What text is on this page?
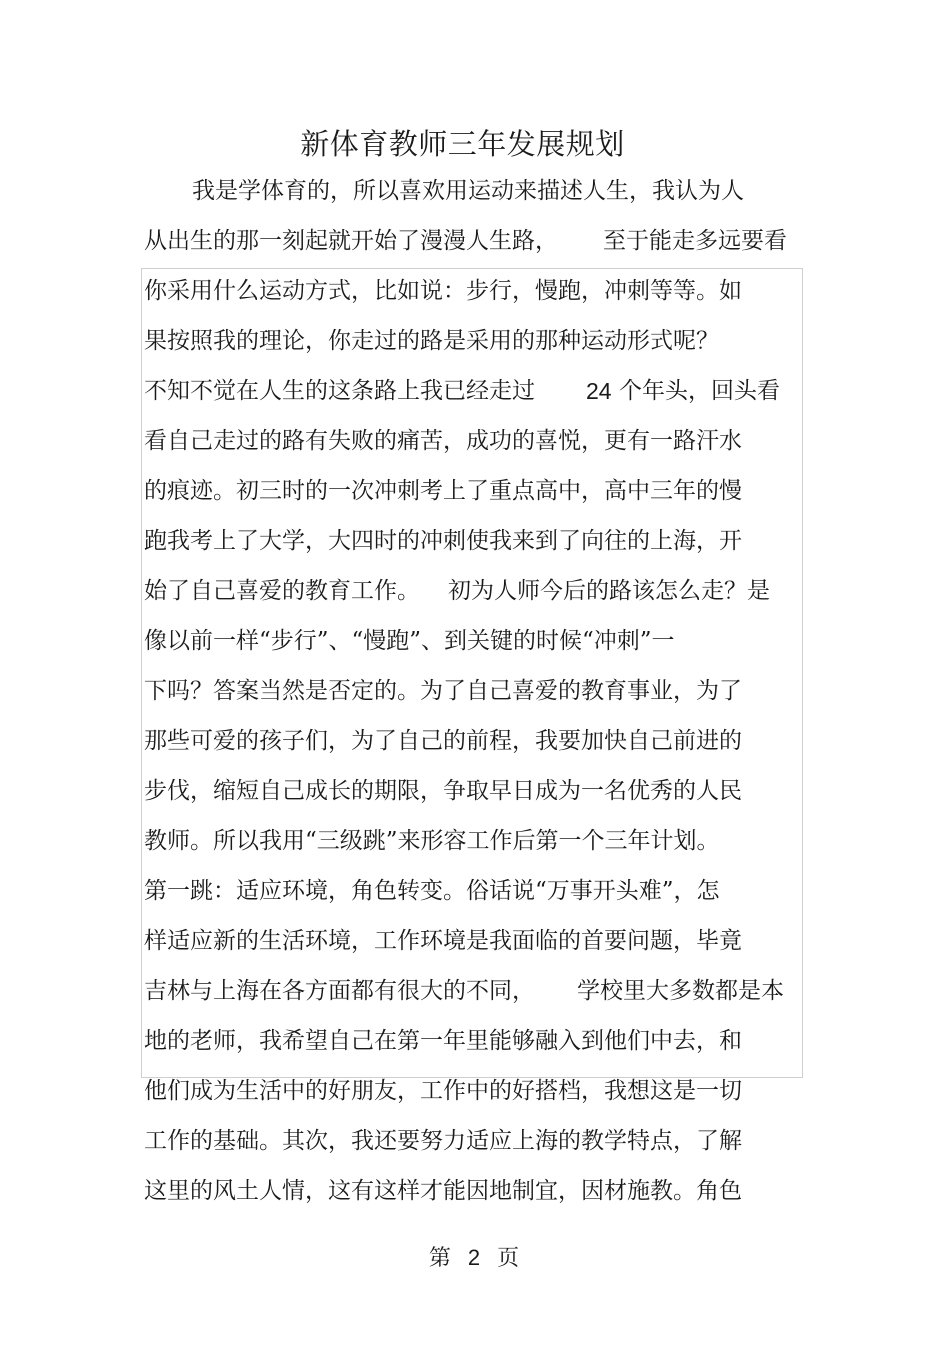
新体育教师三年发展规划
我是学体育的，所以喜欢用运动来描述人生，我认为人
从出生的那一刻起就开始了漫漫人生路， 至于能走多远要看
你采用什么运动方式，比如说：步行，慢跑，冲刺等等。如
果按照我的理论，你走过的路是采用的那种运动形式呢？
不知不觉在人生的这条路上我已经走过 24 个年头，回头看
看自己走过的路有失败的痛苦，成功的喜悦，更有一路汗水
的痕迹。初三时的一次冲刺考上了重点高中，高中三年的慢
跑我考上了大学，大四时的冲刺使我来到了向往的上海，开
始了自己喜爱的教育工作。 初为人师今后的路该怎么走？是
像以前一样“步行”、“慢跑”、到关键的时候“冲刺”一
下吗？答案当然是否定的。为了自己喜爱的教育事业，为了
那些可爱的孩子们，为了自己的前程，我要加快自己前进的
步伐，缩短自己成长的期限，争取早日成为一名优秀的人民
教师。所以我用“三级跳”来形容工作后第一个三年计划。
第一跳：适应环境，角色转变。俗话说“万事开头难”，怎
样适应新的生活环境，工作环境是我面临的首要问题，毕竟
吉林与上海在各方面都有很大的不同， 学校里大多数都是本
地的老师，我希望自己在第一年里能够融入到他们中去，和
他们成为生活中的好朋友，工作中的好搭档，我想这是一切
工作的基础。其次，我还要努力适应上海的教学特点，了解
这里的风土人情，这有这样才能因地制宜，因材施教。角色
第 2 页
